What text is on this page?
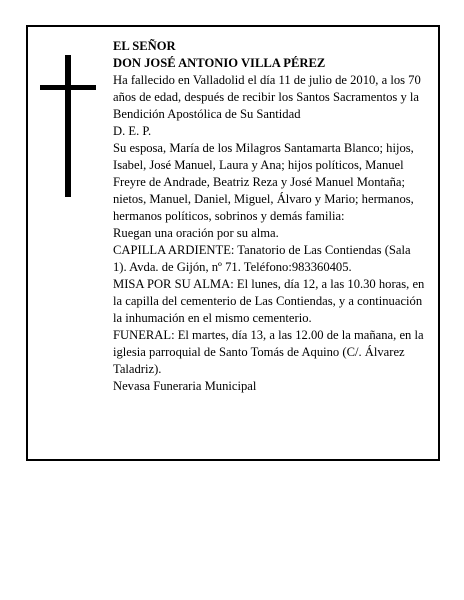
EL SEÑOR

DON JOSÉ ANTONIO VILLA PÉREZ

Ha fallecido en Valladolid el día 11 de julio de 2010, a los 70 años de edad, después de recibir los Santos Sacramentos y la Bendición Apostólica de Su Santidad

D. E. P.

Su esposa, María de los Milagros Santamarta Blanco; hijos, Isabel, José Manuel, Laura y Ana; hijos políticos, Manuel Freyre de Andrade, Beatriz Reza y José Manuel Montaña; nietos, Manuel, Daniel, Miguel, Álvaro y Mario; hermanos, hermanos políticos, sobrinos y demás familia:

Ruegan una oración por su alma.

CAPILLA ARDIENTE: Tanatorio de Las Contiendas (Sala 1). Avda. de Gijón, nº 71. Teléfono:983360405.

MISA POR SU ALMA: El lunes, día 12, a las 10.30 horas, en la capilla del cementerio de Las Contiendas, y a continuación la inhumación en el mismo cementerio.

FUNERAL: El martes, día 13, a las 12.00 de la mañana, en la iglesia parroquial de Santo Tomás de Aquino (C/. Álvarez Taladriz).

Nevasa Funeraria Municipal
